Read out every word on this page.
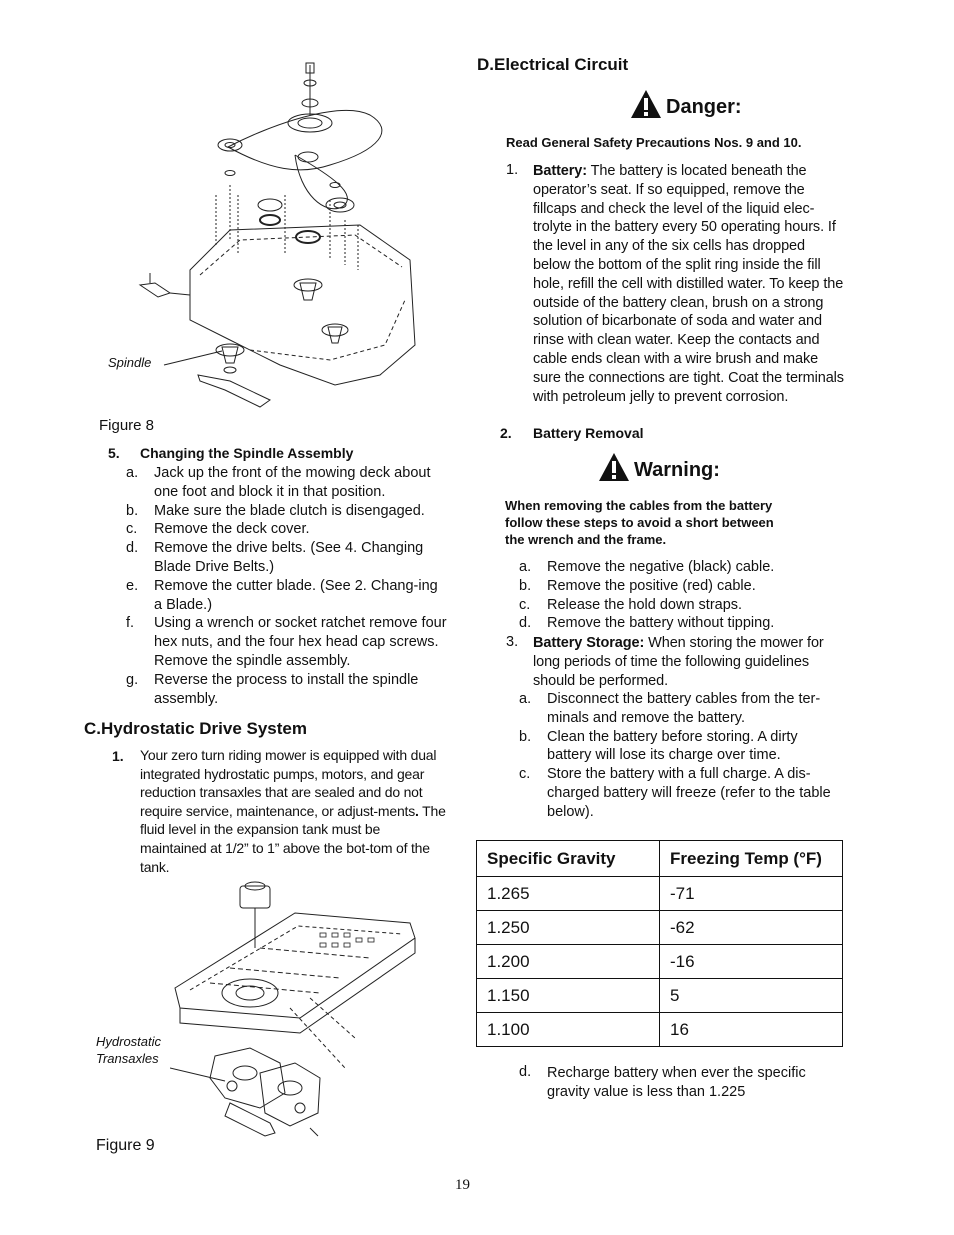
Spindle
Figure 8
5. Changing the Spindle Assembly
a. Jack up the front of the mowing deck about one foot and block it in that position.
b. Make sure the blade clutch is disengaged.
c. Remove the deck cover.
d. Remove the drive belts. (See 4. Changing Blade Drive Belts.)
e. Remove the cutter blade. (See 2. Chang-ing a Blade.)
f. Using a wrench or socket ratchet remove four hex nuts, and the four hex head cap screws. Remove the spindle assembly.
g. Reverse the process to install the spindle assembly.
C.Hydrostatic Drive System
1. Your zero turn riding mower is equipped with dual integrated hydrostatic pumps, motors, and gear reduction transaxles that are sealed and do not require service, maintenance, or adjust-ments. The fluid level in the expansion tank must be maintained at 1/2” to 1” above the bot-tom of the tank.
Hydrostatic
Transaxles
Figure 9
D.Electrical Circuit
Danger:
Read General Safety Precautions Nos. 9 and 10.
1. Battery: The battery is located beneath the operator’s seat. If so equipped, remove the fillcaps and check the level of the liquid elec-trolyte in the battery every 50 operating hours. If the level in any of the six cells has dropped below the bottom of the split ring inside the fill hole, refill the cell with distilled water. To keep the outside of the battery clean, brush on a strong solution of bicarbonate of soda and water and rinse with clean water. Keep the contacts and cable ends clean with a wire brush and make sure the connections are tight. Coat the terminals with petroleum jelly to prevent corrosion.
2. Battery Removal
Warning:
When removing the cables from the battery
follow these steps to avoid a short between
the wrench and the frame.
a. Remove the negative (black) cable.
b. Remove the positive (red) cable.
c. Release the hold down straps.
d. Remove the battery without tipping.
3. Battery Storage: When storing the mower for long periods of time the following guidelines should be performed.
a. Disconnect the battery cables from the ter-minals and remove the battery.
b. Clean the battery before storing. A dirty battery will lose its charge over time.
c. Store the battery with a full charge. A dis-charged battery will freeze (refer to the table below).
Specific Gravity	Freezing Temp (°F)
1.265	-71
1.250	-62
1.200	-16
1.150	5
1.100	16
d. Recharge battery when ever the specific gravity value is less than 1.225
19
